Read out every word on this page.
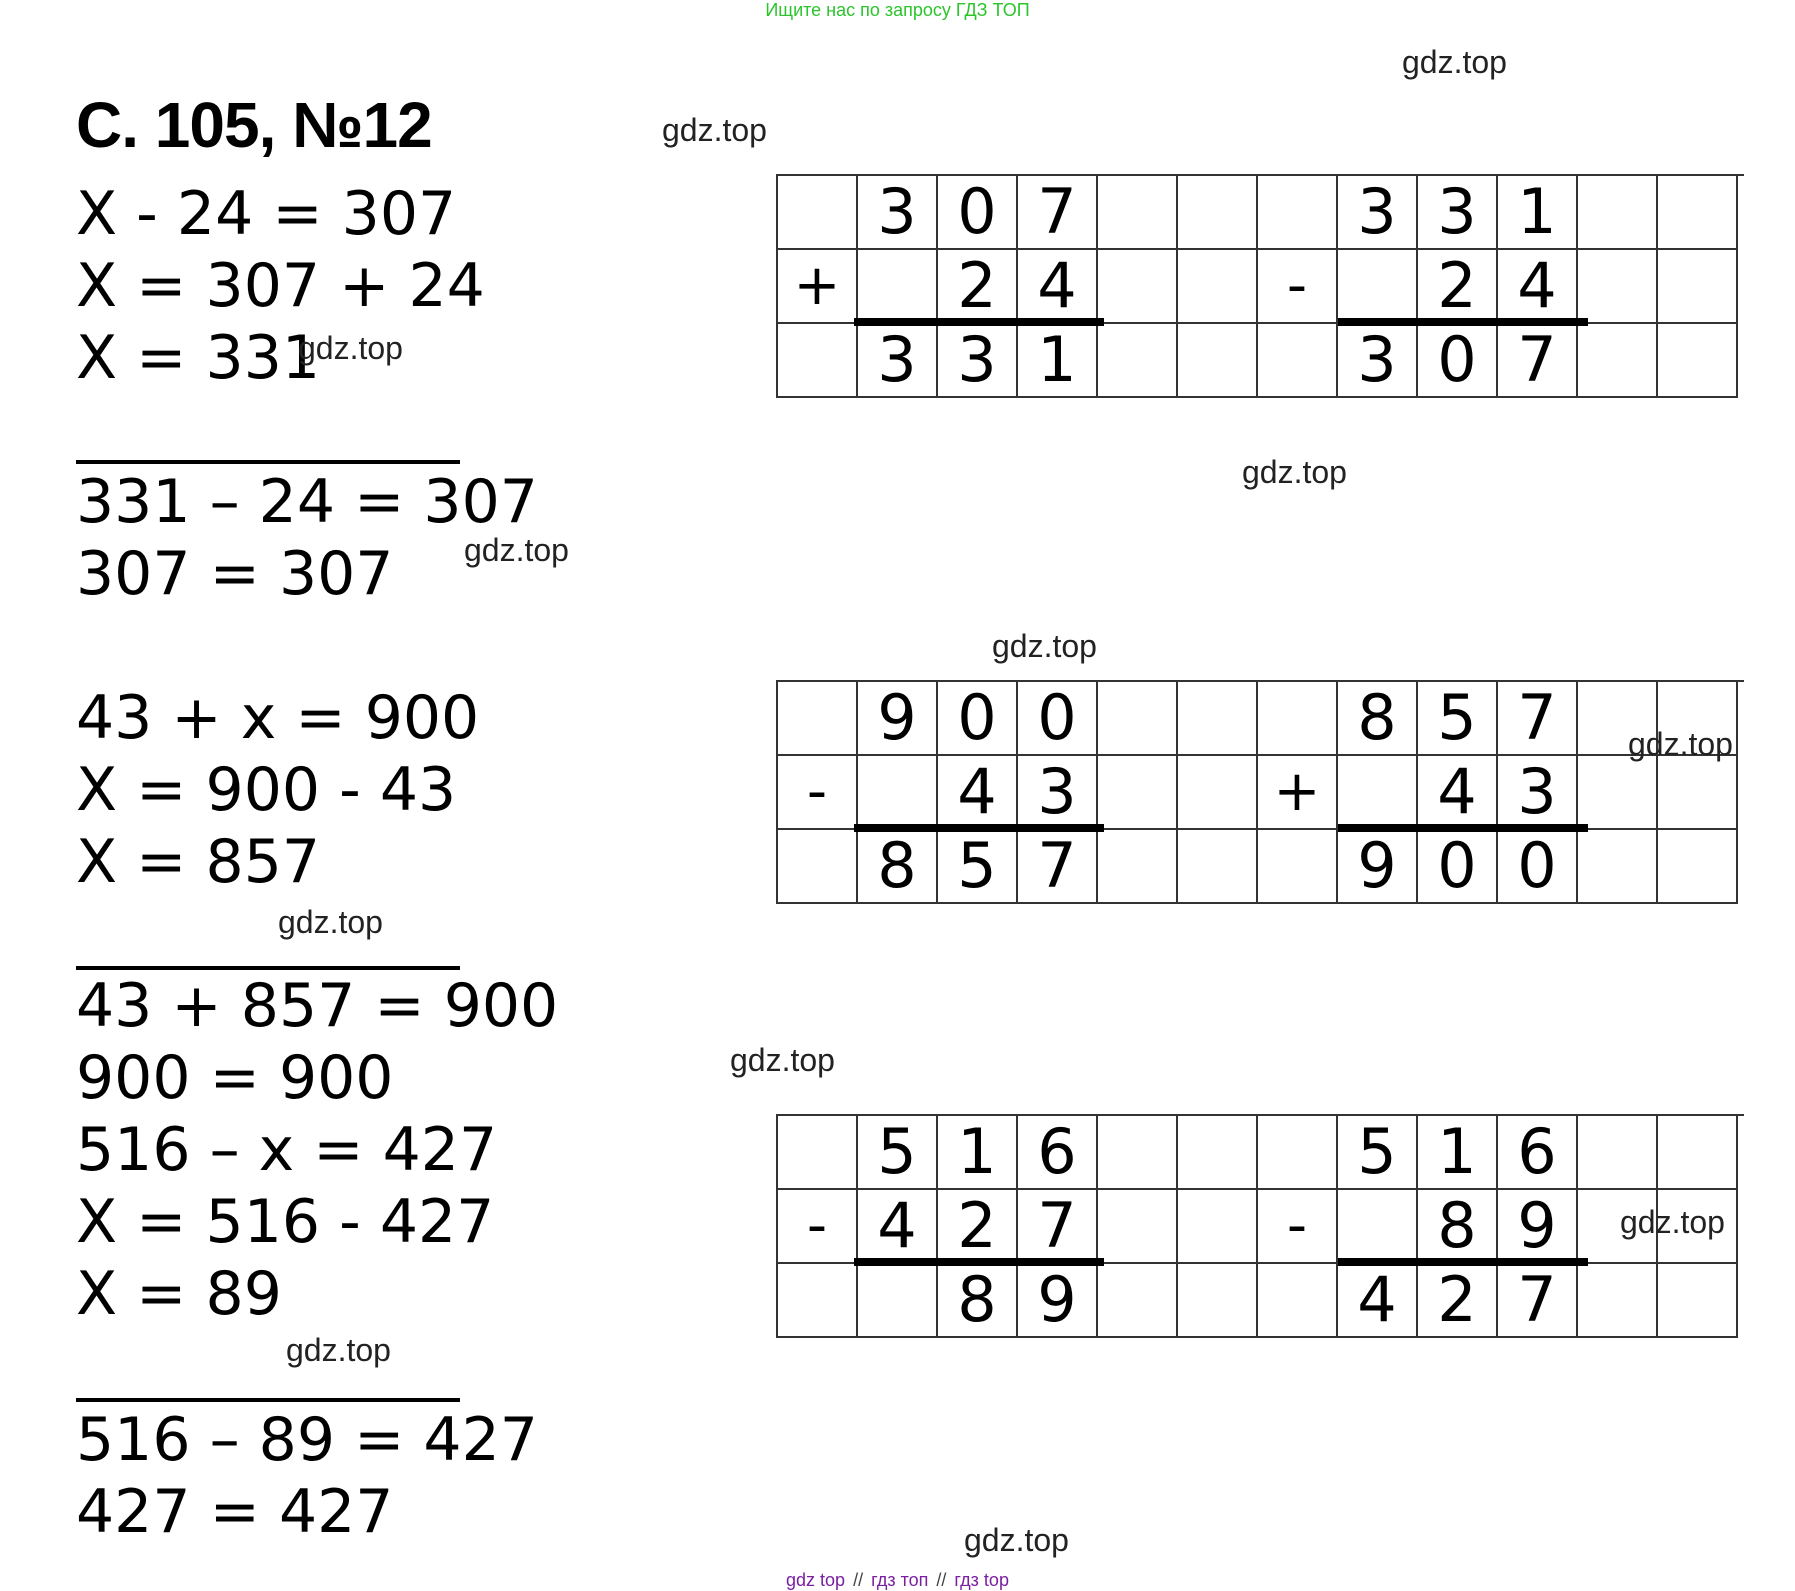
Ищите нас по запросу ГДЗ ТОП
С. 105, №12
X - 24 = 307
X = 307 + 24
X = 331
331 – 24 = 307
307 = 307
43 + x = 900
X = 900 - 43
X = 857
43 + 857 = 900
900 = 900
516 – x = 427
X = 516 - 427
X = 89
516 – 89 = 427
427 = 427
3 0 7	3 3 1
+	2 4	-	2 4
3 3 1	3 0 7
9 0 0	8 5 7
-	4 3	+	4 3
8 5 7	9 0 0
5 1 6	5 1 6
- 4 2 7	-	8 9
8 9	4 2 7
gdz.top
gdz.top
gdz.top
gdz.top
gdz.top
gdz.top
gdz.top
gdz.top
gdz.top
gdz.top
gdz.top
gdz.top
gdz top // гдз топ // гдз top
